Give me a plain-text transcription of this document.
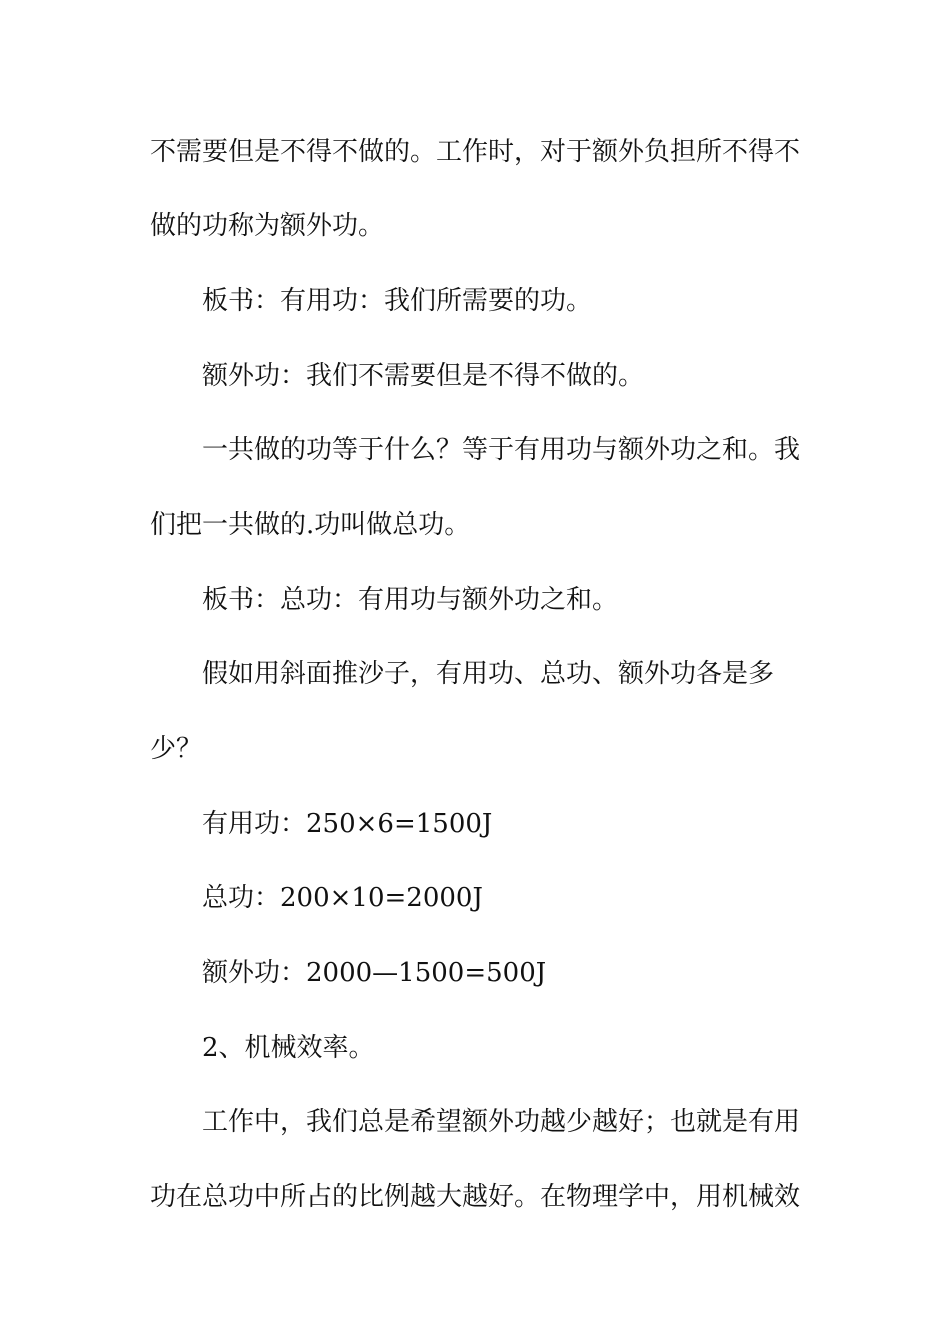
不需要但是不得不做的。工作时，对于额外负担所不得不
做的功称为额外功。
板书：有用功：我们所需要的功。
额外功：我们不需要但是不得不做的。
一共做的功等于什么？等于有用功与额外功之和。我
们把一共做的.功叫做总功。
板书：总功：有用功与额外功之和。
假如用斜面推沙子，有用功、总功、额外功各是多
少？
有用功：250×6=1500J
总功：200×10=2000J
额外功：2000—1500=500J
2、机械效率。
工作中，我们总是希望额外功越少越好；也就是有用
功在总功中所占的比例越大越好。在物理学中，用机械效
